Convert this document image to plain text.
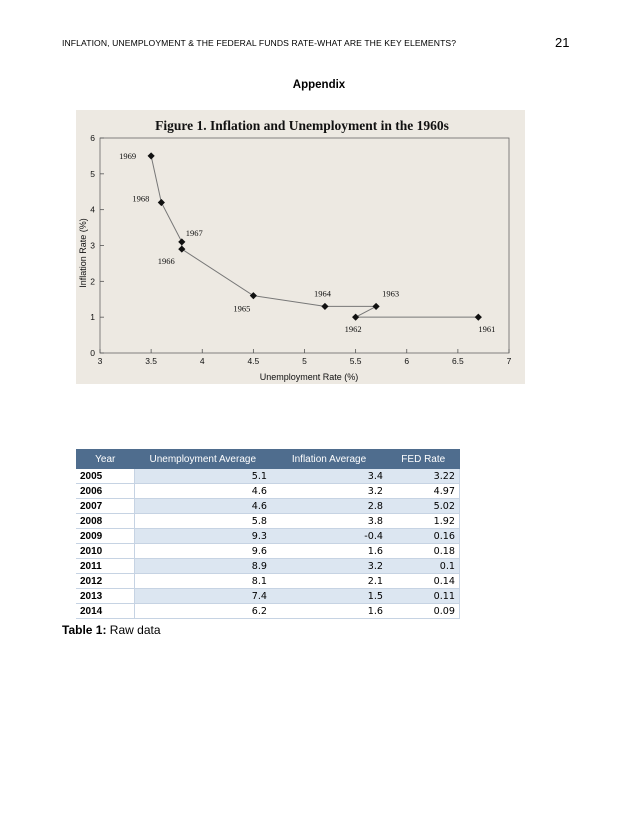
INFLATION, UNEMPLOYMENT & THE FEDERAL FUNDS RATE-WHAT ARE THE KEY ELEMENTS?	21
Appendix
Figure 1. Inflation and Unemployment in the 1960s
3	3.5	4	4.5	5	5.5	6	6.5	7
0
1
2
3
4
5
6
1961
1962
1963
1964
1965
1966
1967
1968
1969
Unemployment Rate (%)
Inflation Rate (%)
Year	Unemployment Average	Inflation Average	FED Rate
2005	5.1	3.4	3.22
2006	4.6	3.2	4.97
2007	4.6	2.8	5.02
2008	5.8	3.8	1.92
2009	9.3	-0.4	0.16
2010	9.6	1.6	0.18
2011	8.9	3.2	0.1
2012	8.1	2.1	0.14
2013	7.4	1.5	0.11
2014	6.2	1.6	0.09
Table 1: Raw data
